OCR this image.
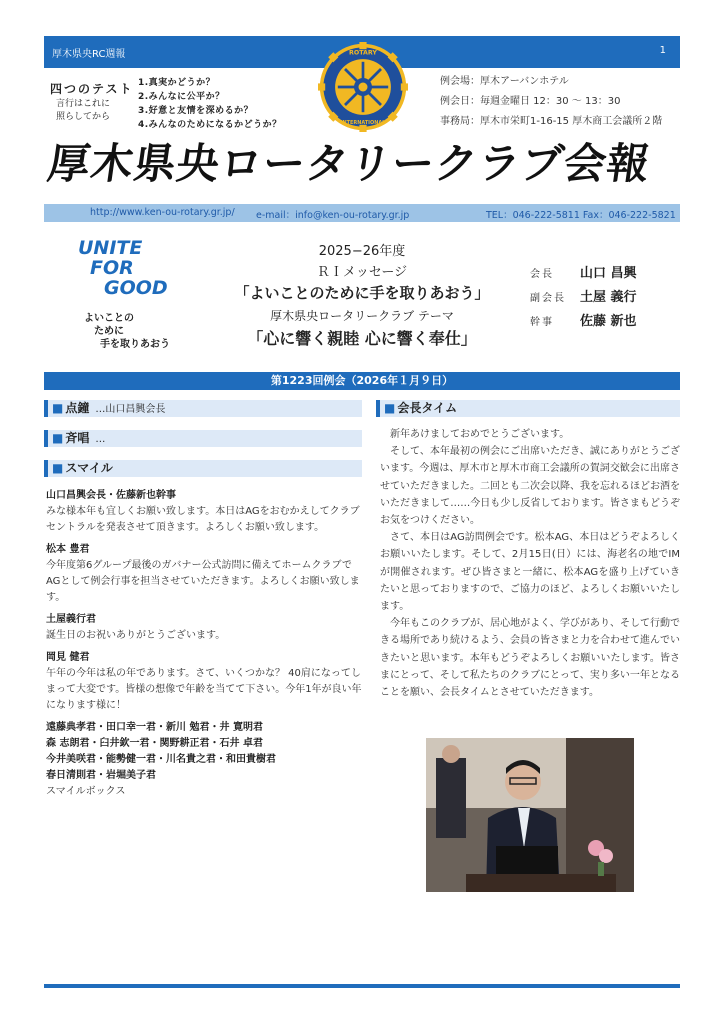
厚木県央RC週報	1
四つのテスト
言行はこれに
照らしてから
1.真実かどうか？
2.みんなに公平か？
3.好意と友情を深めるか？
4.みんなのためになるかどうか？
ROTARY
INTERNATIONAL
例会場：厚木アーバンホテル
例会日：毎週金曜日 12：30 ～ 13：30
事務局：厚木市栄町1-16-15 厚木商工会議所２階
厚木県央ロータリークラブ会報
http://www.ken-ou-rotary.gr.jp/ e-mail：info@ken-ou-rotary.gr.jp	TEL：046-222-5811 Fax：046-222-5821
UNITE
FOR
GOOD
よいことの
ために
手を取りあおう
2025−26年度
ＲＩメッセージ
「よいことのために手を取りあおう」
厚木県央ロータリークラブ テーマ
「心に響く親睦 心に響く奉仕」
会長 山口 昌興
副会長 土屋 義行
幹事 佐藤 新也
第1223回例会（2026年１月９日）
■ 点鐘 …山口昌興会長
■ 斉唱 …
■ スマイル
山口昌興会長・佐藤新也幹事
みな様本年も宜しくお願い致します。本日はAGをおむかえしてクラブセントラルを発表させて頂きます。よろしくお願い致します。
松本 豊君
今年度第6グループ最後のガバナー公式訪問に備えてホームクラブでAGとして例会行事を担当させていただきます。よろしくお願い致します。
土屋義行君
誕生日のお祝いありがとうございます。
岡見 健君
午年の今年は私の年であります。さて、いくつかな？ 40肩になってしまって大変です。皆様の想像で年齢を当てて下さい。今年1年が良い年になります様に！
遠藤典孝君・田口幸一君・新川 勉君・井 寛明君
森 志朗君・臼井欽一君・関野耕正君・石井 卓君
今井美咲君・能勢健一君・川名貴之君・和田貴樹君
春日清則君・岩堀美子君
スマイルボックス
■ 会長タイム

新年あけましておめでとうございます。

そして、本年最初の例会にご出席いただき、誠にありがとうございます。今週は、厚木市と厚木市商工会議所の賀詞交歓会に出席させていただきました。二回とも二次会以降、我を忘れるほどお酒をいただきまして……今日も少し反省しております。皆さまもどうぞお気をつけください。

さて、本日はAG訪問例会です。松本AG、本日はどうぞよろしくお願いいたします。そして、2月15日(日）には、海老名の地でIMが開催されます。ぜひ皆さまと一緒に、松本AGを盛り上げていきたいと思っておりますので、ご協力のほど、よろしくお願いいたします。

今年もこのクラブが、居心地がよく、学びがあり、そして行動できる場所であり続けるよう、会員の皆さまと力を合わせて進んでいきたいと思います。本年もどうぞよろしくお願いいたします。皆さまにとって、そして私たちのクラブにとって、実り多い一年となることを願い、会長タイムとさせていただきます。
